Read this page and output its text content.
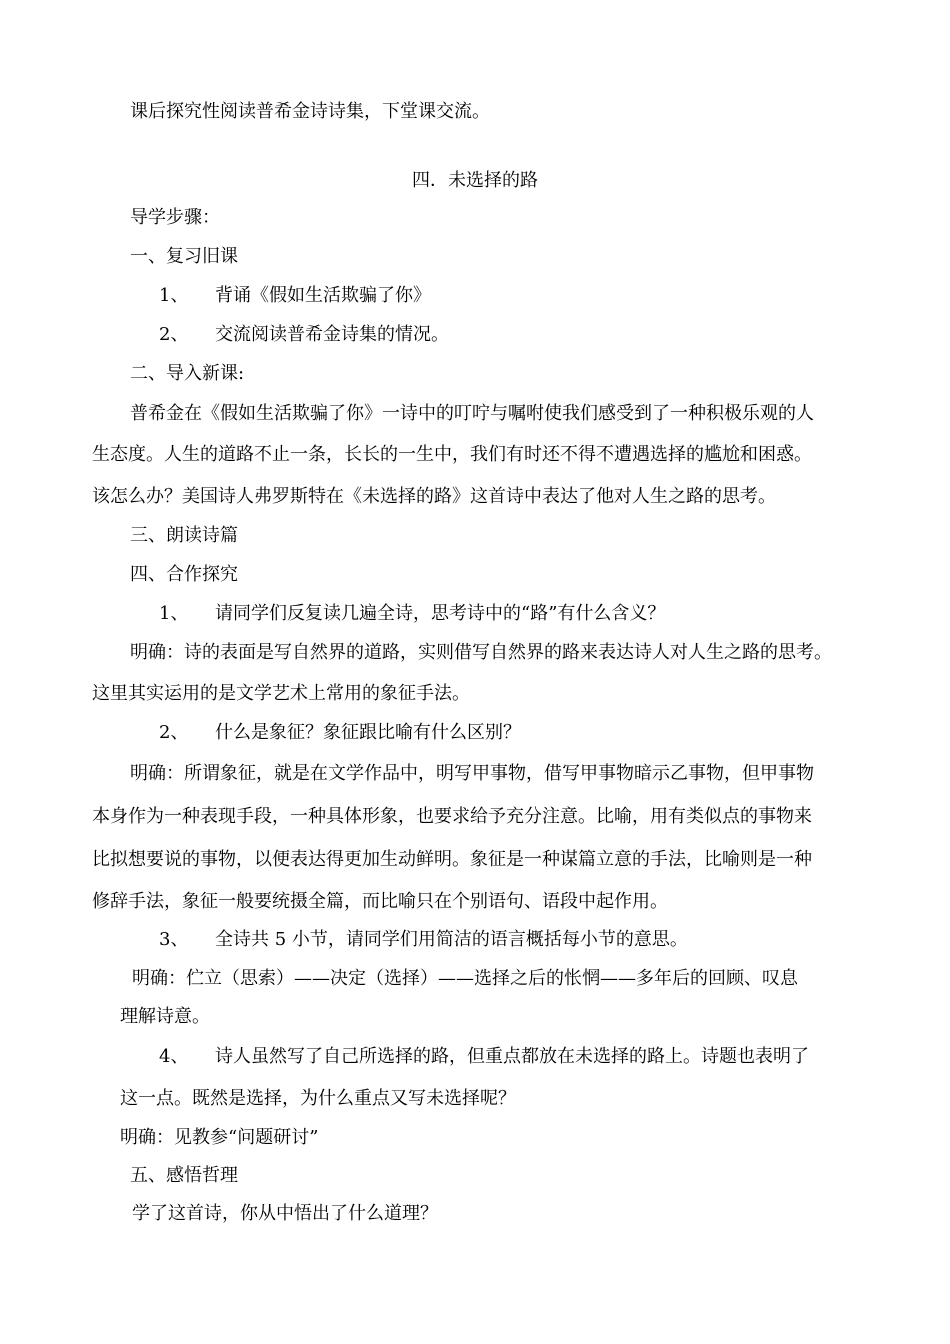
课后探究性阅读普希金诗诗集，下堂课交流。
四．未选择的路
导学步骤：
一、复习旧课
1、 背诵《假如生活欺骗了你》
2、 交流阅读普希金诗集的情况。
二、导入新课:
普希金在《假如生活欺骗了你》一诗中的叮咛与嘱咐使我们感受到了一种积极乐观的人
生态度。人生的道路不止一条，长长的一生中，我们有时还不得不遭遇选择的尴尬和困惑。
该怎么办？美国诗人弗罗斯特在《未选择的路》这首诗中表达了他对人生之路的思考。
三、朗读诗篇
四、合作探究
1、 请同学们反复读几遍全诗，思考诗中的“路”有什么含义？
明确：诗的表面是写自然界的道路，实则借写自然界的路来表达诗人对人生之路的思考。
这里其实运用的是文学艺术上常用的象征手法。
2、 什么是象征？象征跟比喻有什么区别？
明确：所谓象征，就是在文学作品中，明写甲事物，借写甲事物暗示乙事物，但甲事物
本身作为一种表现手段，一种具体形象，也要求给予充分注意。比喻，用有类似点的事物来
比拟想要说的事物，以便表达得更加生动鲜明。象征是一种谋篇立意的手法，比喻则是一种
修辞手法，象征一般要统摄全篇，而比喻只在个别语句、语段中起作用。
3、 全诗共 5 小节，请同学们用简洁的语言概括每小节的意思。
明确：伫立（思索）——决定（选择）——选择之后的怅惘——多年后的回顾、叹息
理解诗意。
4、 诗人虽然写了自己所选择的路，但重点都放在未选择的路上。诗题也表明了
这一点。既然是选择，为什么重点又写未选择呢？
明确：见教参“问题研讨”
五、感悟哲理
学了这首诗，你从中悟出了什么道理？
